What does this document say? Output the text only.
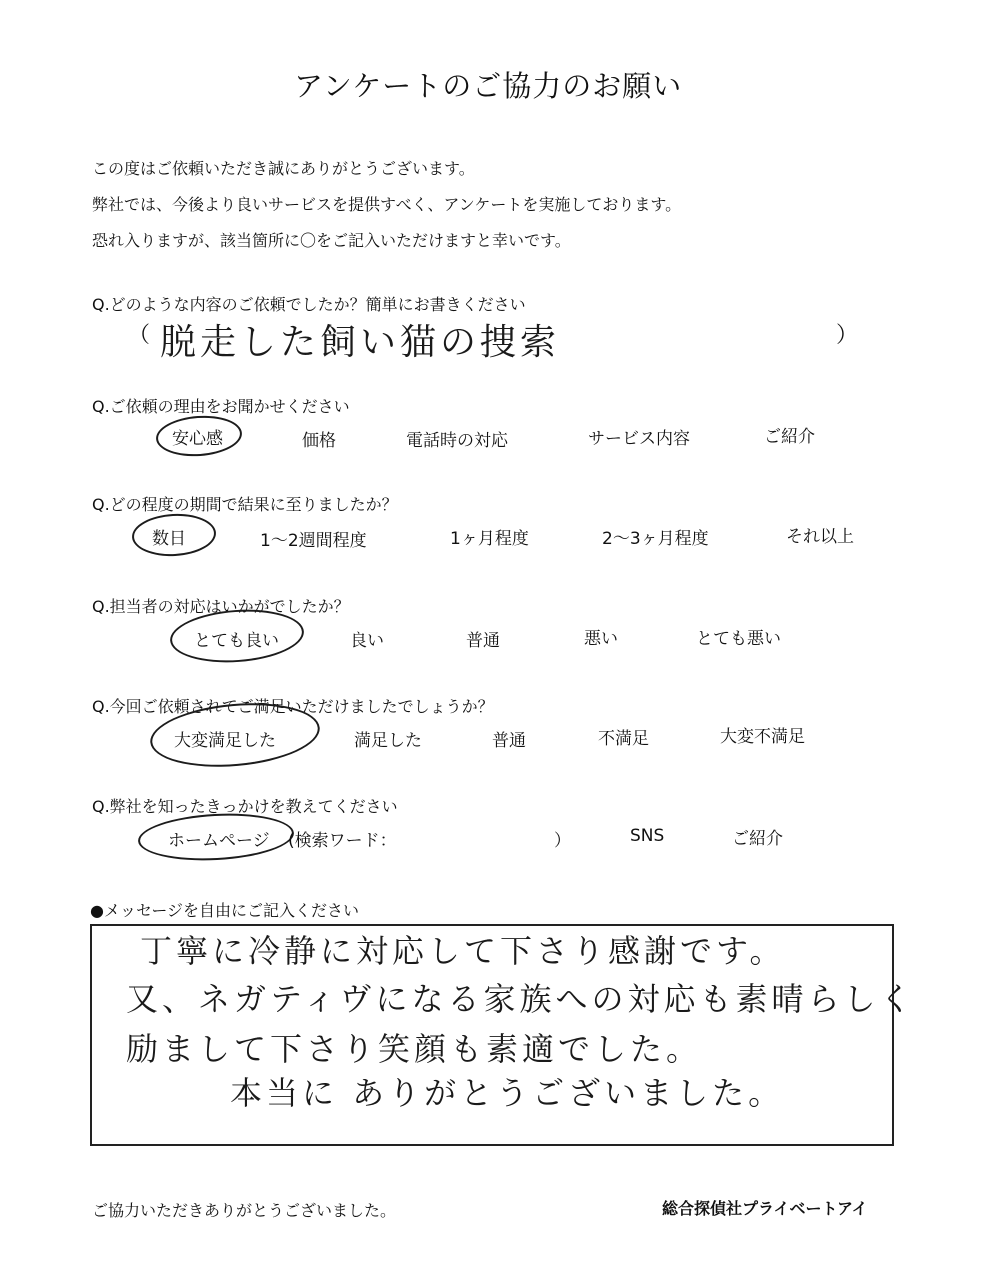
アンケートのご協力のお願い
この度はご依頼いただき誠にありがとうございます。
弊社では、今後より良いサービスを提供すべく、アンケートを実施しております。
恐れ入りますが、該当箇所に〇をご記入いただけますと幸いです。
Q.どのような内容のご依頼でしたか？簡単にお書きください
（ 脱走した飼い猫の捜索	）
Q.ご依頼の理由をお聞かせください
安心感	価格	電話時の対応	サービス内容	ご紹介
Q.どの程度の期間で結果に至りましたか？
数日	1～2週間程度	1ヶ月程度	2～3ヶ月程度	それ以上
Q.担当者の対応はいかがでしたか？
とても良い	良い	普通	悪い	とても悪い
Q.今回ご依頼されてご満足いただけましたでしょうか？
大変満足した	満足した	普通	不満足	大変不満足
Q.弊社を知ったきっかけを教えてください
ホームページ (検索ワード：	）	SNS	ご紹介
●メッセージを自由にご記入ください
丁寧に冷静に対応して下さり感謝です。
又、ネガティヴになる家族への対応も素晴らしく
励まして下さり笑顔も素適でした。
本当に ありがとうございました。
ご協力いただきありがとうございました。	総合探偵社プライベートアイ
